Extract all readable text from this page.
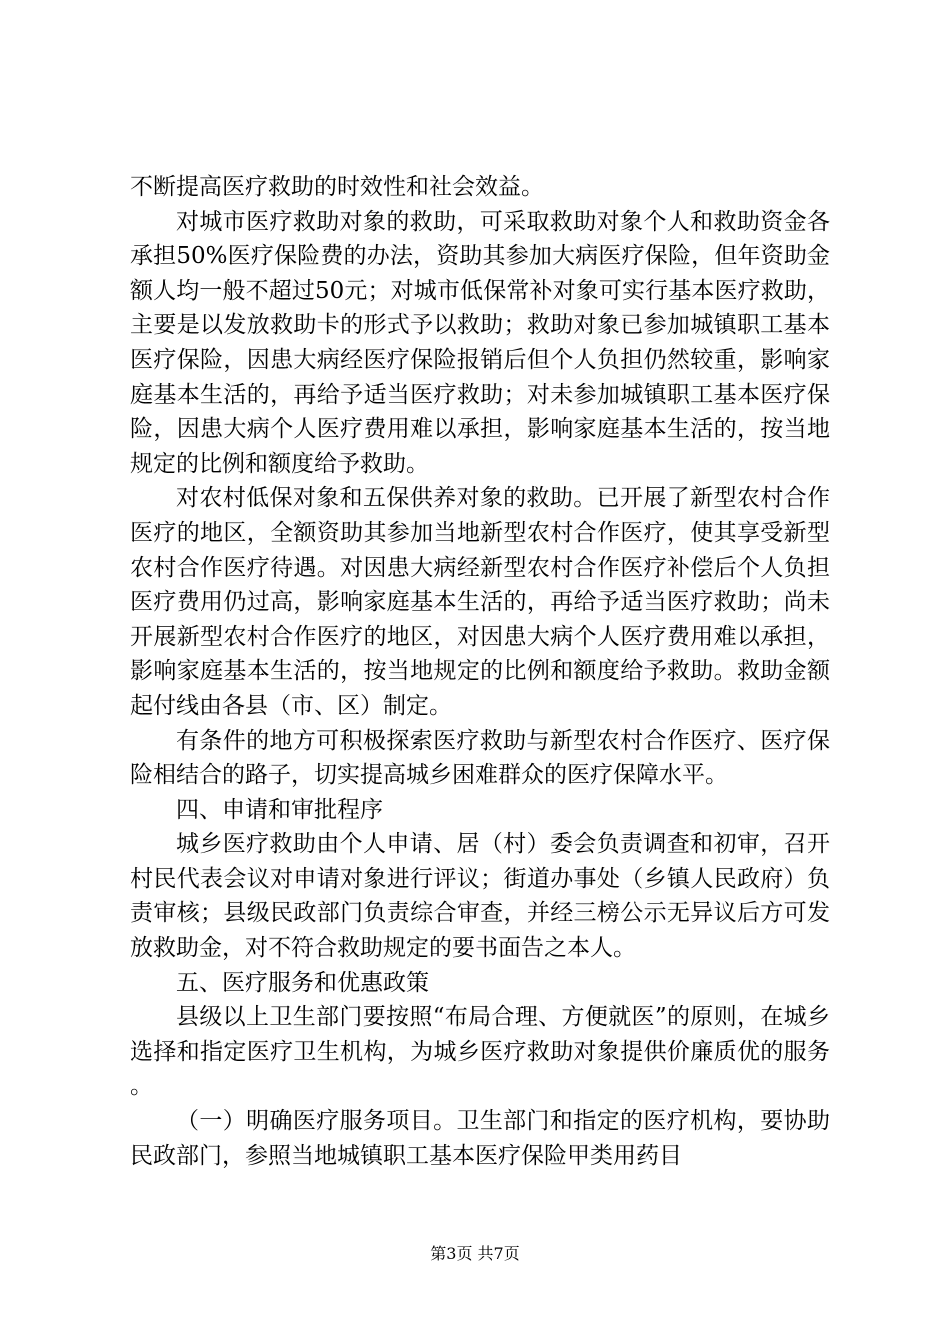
不断提高医疗救助的时效性和社会效益。

对城市医疗救助对象的救助，可采取救助对象个人和救助资金各承担50%医疗保险费的办法，资助其参加大病医疗保险，但年资助金额人均一般不超过50元；对城市低保常补对象可实行基本医疗救助，主要是以发放救助卡的形式予以救助；救助对象已参加城镇职工基本医疗保险，因患大病经医疗保险报销后但个人负担仍然较重，影响家庭基本生活的，再给予适当医疗救助；对未参加城镇职工基本医疗保险，因患大病个人医疗费用难以承担，影响家庭基本生活的，按当地规定的比例和额度给予救助。

对农村低保对象和五保供养对象的救助。已开展了新型农村合作医疗的地区，全额资助其参加当地新型农村合作医疗，使其享受新型农村合作医疗待遇。对因患大病经新型农村合作医疗补偿后个人负担医疗费用仍过高，影响家庭基本生活的，再给予适当医疗救助；尚未开展新型农村合作医疗的地区，对因患大病个人医疗费用难以承担，影响家庭基本生活的，按当地规定的比例和额度给予救助。救助金额起付线由各县（市、区）制定。

有条件的地方可积极探索医疗救助与新型农村合作医疗、医疗保险相结合的路子，切实提高城乡困难群众的医疗保障水平。

四、申请和审批程序

城乡医疗救助由个人申请、居（村）委会负责调查和初审，召开村民代表会议对申请对象进行评议；街道办事处（乡镇人民政府）负责审核；县级民政部门负责综合审查，并经三榜公示无异议后方可发放救助金，对不符合救助规定的要书面告之本人。

五、医疗服务和优惠政策

县级以上卫生部门要按照“布局合理、方便就医”的原则，在城乡选择和指定医疗卫生机构，为城乡医疗救助对象提供价廉质优的服务。

（一）明确医疗服务项目。卫生部门和指定的医疗机构，要协助民政部门，参照当地城镇职工基本医疗保险甲类用药目

第3页 共7页
